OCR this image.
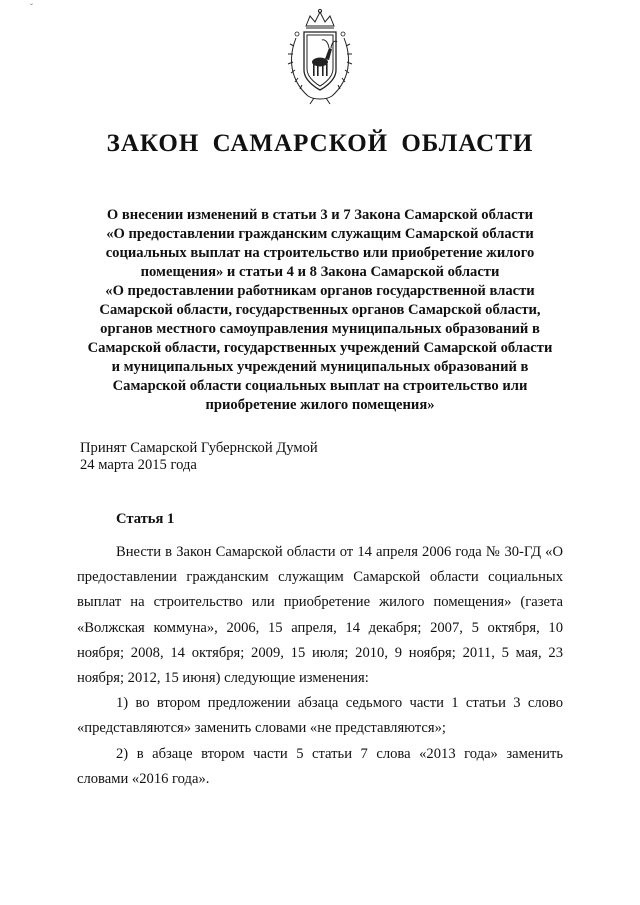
ˇ
ЗАКОН САМАРСКОЙ ОБЛАСТИ
О внесении изменений в статьи 3 и 7 Закона Самарской области
«О предоставлении гражданским служащим Самарской области
социальных выплат на строительство или приобретение жилого
помещения» и статьи 4 и 8 Закона Самарской области
«О предоставлении работникам органов государственной власти
Самарской области, государственных органов Самарской области,
органов местного самоуправления муниципальных образований в
Самарской области, государственных учреждений Самарской области
и муниципальных учреждений муниципальных образований в
Самарской области социальных выплат на строительство или
приобретение жилого помещения»
Принят Самарской Губернской Думой
24 марта 2015 года
Статья 1

Внести в Закон Самарской области от 14 апреля 2006 года № 30-ГД «О предоставлении гражданским служащим Самарской области социальных выплат на строительство или приобретение жилого помещения» (газета «Волжская коммуна», 2006, 15 апреля, 14 декабря; 2007, 5 октября, 10 ноября; 2008, 14 октября; 2009, 15 июля; 2010, 9 ноября; 2011, 5 мая, 23 ноября; 2012, 15 июня) следующие изменения:

1) во втором предложении абзаца седьмого части 1 статьи 3 слово «представляются» заменить словами «не представляются»;

2) в абзаце втором части 5 статьи 7 слова «2013 года» заменить словами «2016 года».
